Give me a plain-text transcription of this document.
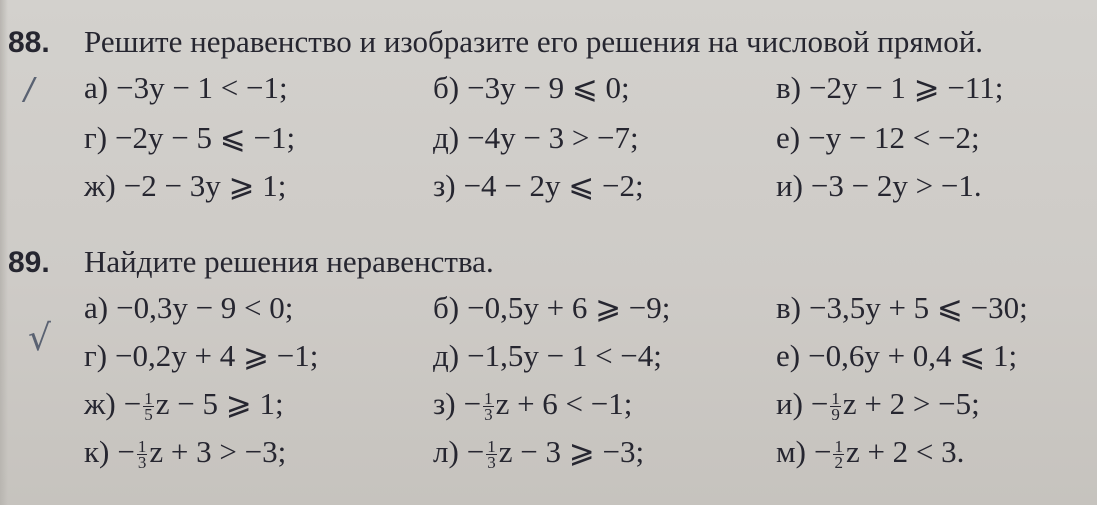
88. Решите неравенство и изобразите его решения на числовой прямой.
/ а) −3y − 1 < −1;	б) −3y − 9 ⩽ 0;	в) −2y − 1 ⩾ −11;
г) −2y − 5 ⩽ −1;	д) −4y − 3 > −7;	е) −y − 12 < −2;
ж) −2 − 3y ⩾ 1;	з) −4 − 2y ⩽ −2;	и) −3 − 2y > −1.
89. Найдите решения неравенства.
√
а) −0,3y − 9 < 0;	б) −0,5y + 6 ⩾ −9;	в) −3,5y + 5 ⩽ −30;
г) −0,2y + 4 ⩾ −1;	д) −1,5y − 1 < −4;	е) −0,6y + 0,4 ⩽ 1;
$ж) - \frac{1}{5}$ z − 5 ⩾ 1;	$з) - \frac{1}{3}$ z + 6 < −1;	$и) - \frac{1}{9}$ z + 2 > −5;
$к) - \frac{1}{3}$ z + 3 > −3;	$л) - \frac{1}{3}$ z − 3 ⩾ −3;	$м) - \frac{1}{2}$ z + 2 < 3.
